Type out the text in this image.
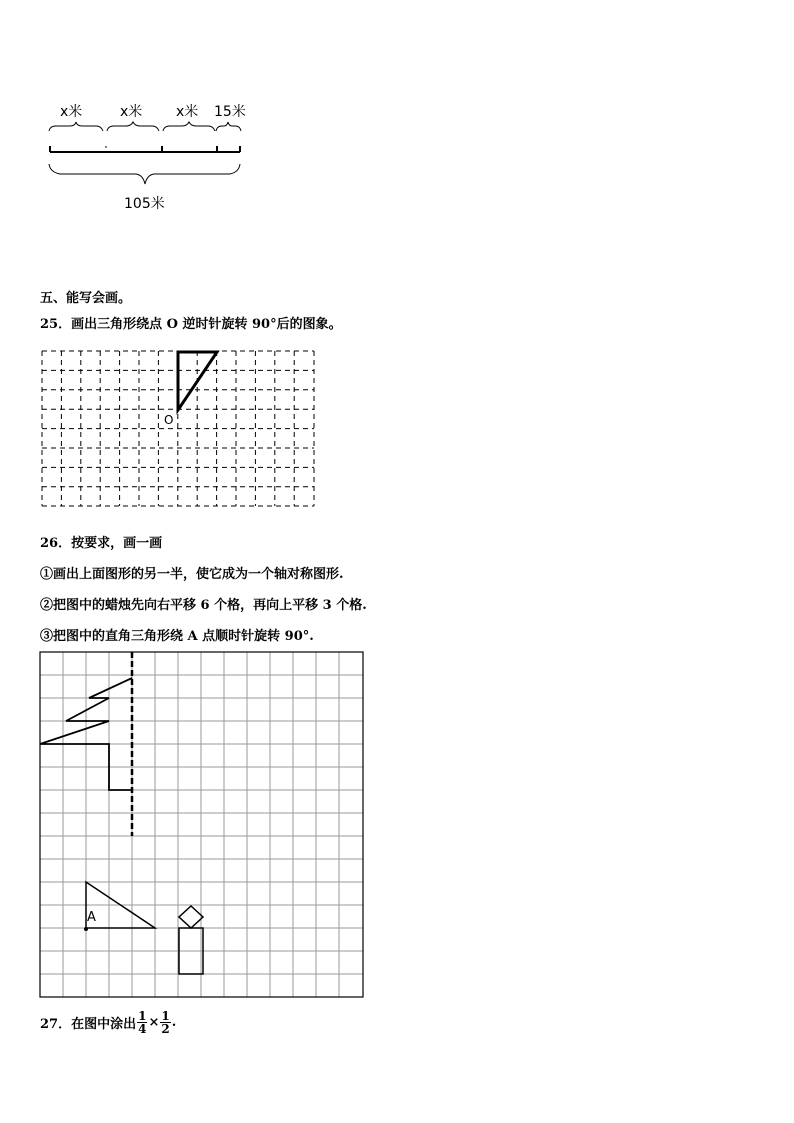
x米	x米 x米 15米
105米
五、能写会画。
25．画出三角形绕点 O 逆时针旋转 90°后的图象。
O
26．按要求，画一画
①画出上面图形的另一半，使它成为一个轴对称图形.
②把图中的蜡烛先向右平移 6 个格，再向上平移 3 个格.
③把图中的直角三角形绕 A 点顺时针旋转 90°.
A
27．在图中涂出 $\frac{1}{4} \times \frac{1}{2}$ .
